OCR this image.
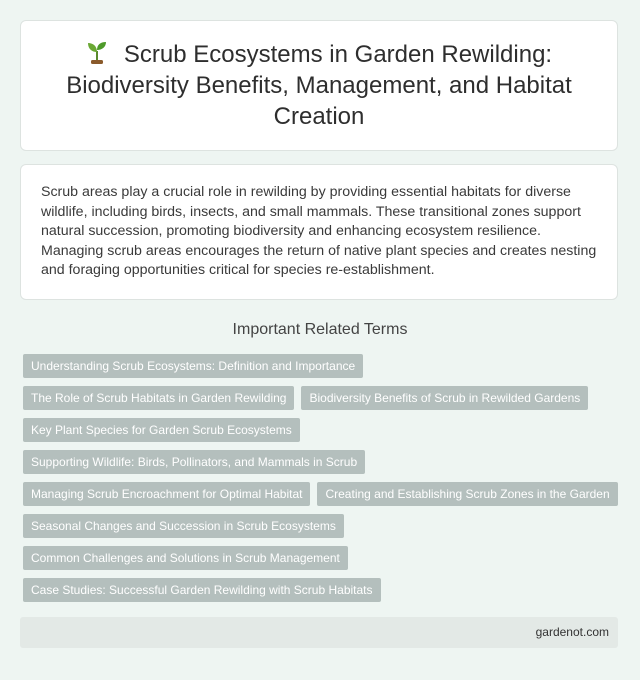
Scrub Ecosystems in Garden Rewilding: Biodiversity Benefits, Management, and Habitat Creation

Scrub areas play a crucial role in rewilding by providing essential habitats for diverse wildlife, including birds, insects, and small mammals. These transitional zones support natural succession, promoting biodiversity and enhancing ecosystem resilience. Managing scrub areas encourages the return of native plant species and creates nesting and foraging opportunities critical for species re-establishment.

Important Related Terms
Understanding Scrub Ecosystems: Definition and Importance
The Role of Scrub Habitats in Garden Rewilding	Biodiversity Benefits of Scrub in Rewilded Gardens
Key Plant Species for Garden Scrub Ecosystems
Supporting Wildlife: Birds, Pollinators, and Mammals in Scrub
Managing Scrub Encroachment for Optimal Habitat	Creating and Establishing Scrub Zones in the Garden
Seasonal Changes and Succession in Scrub Ecosystems
Common Challenges and Solutions in Scrub Management
Case Studies: Successful Garden Rewilding with Scrub Habitats
gardenot.com
